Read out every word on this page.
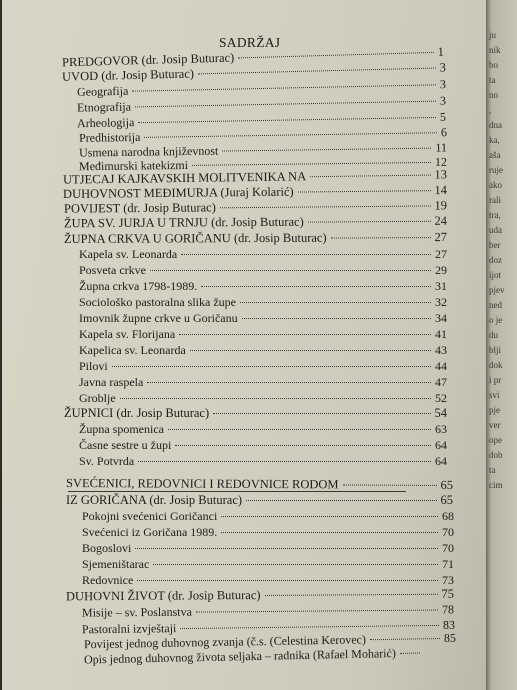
SADRŽAJ
PREDGOVOR (dr. Josip Buturac)	1
UVOD (dr. Josip Buturac)	3
Geografija	3
Etnografija	3
Arheologija	5
Predhistorija	6
Usmena narodna književnost	11
Međimurski katekizmi	12
UTJECAJ KAJKAVSKIH MOLITVENIKA NA	13
DUHOVNOST MEĐIMURJA (Juraj Kolarić)	14
POVIJEST (dr. Josip Buturac)	19
ŽUPA SV. JURJA U TRNJU (dr. Josip Buturac)	24
ŽUPNA CRKVA U GORIČANU (dr. Josip Buturac)	27
Kapela sv. Leonarda	27
Posveta crkve	29
Župna crkva 1798-1989.	31
Sociološko pastoralna slika župe	32
Imovnik župne crkve u Goričanu	34
Kapela sv. Florijana	41
Kapelica sv. Leonarda	43
Pilovi	44
Javna raspela	47
Groblje	52
ŽUPNICI (dr. Josip Buturac)	54
Župna spomenica	63
Časne sestre u župi	64
Sv. Potvrda	64
SVEĆENICI, REDOVNICI I REDOVNICE RODOM	65
IZ GORIČANA (dr. Josip Buturac)	65
Pokojni svećenici Goričanci	68
Svećenici iz Goričana 1989.	70
Bogoslovi	70
Sjemeništarac	71
Redovnice	73
DUHOVNI ŽIVOT (dr. Josip Buturac)	75
Misije – sv. Poslanstva	78
Pastoralni izvještaji	83
Povijest jednog duhovnog zvanja (č.s. (Celestina Kerovec)	85
Opis jednog duhovnog života seljaka – radnika (Rafael Moharić)
ju
nik
bo
ta
no
,
dna
ka,
aša
ruje
ako
rali
tra,
uda
ber
doz
ijot
pjev
ned
o je
du
blji
dok
i pr
svi
pje
ver
ope
dob
ta
cim
